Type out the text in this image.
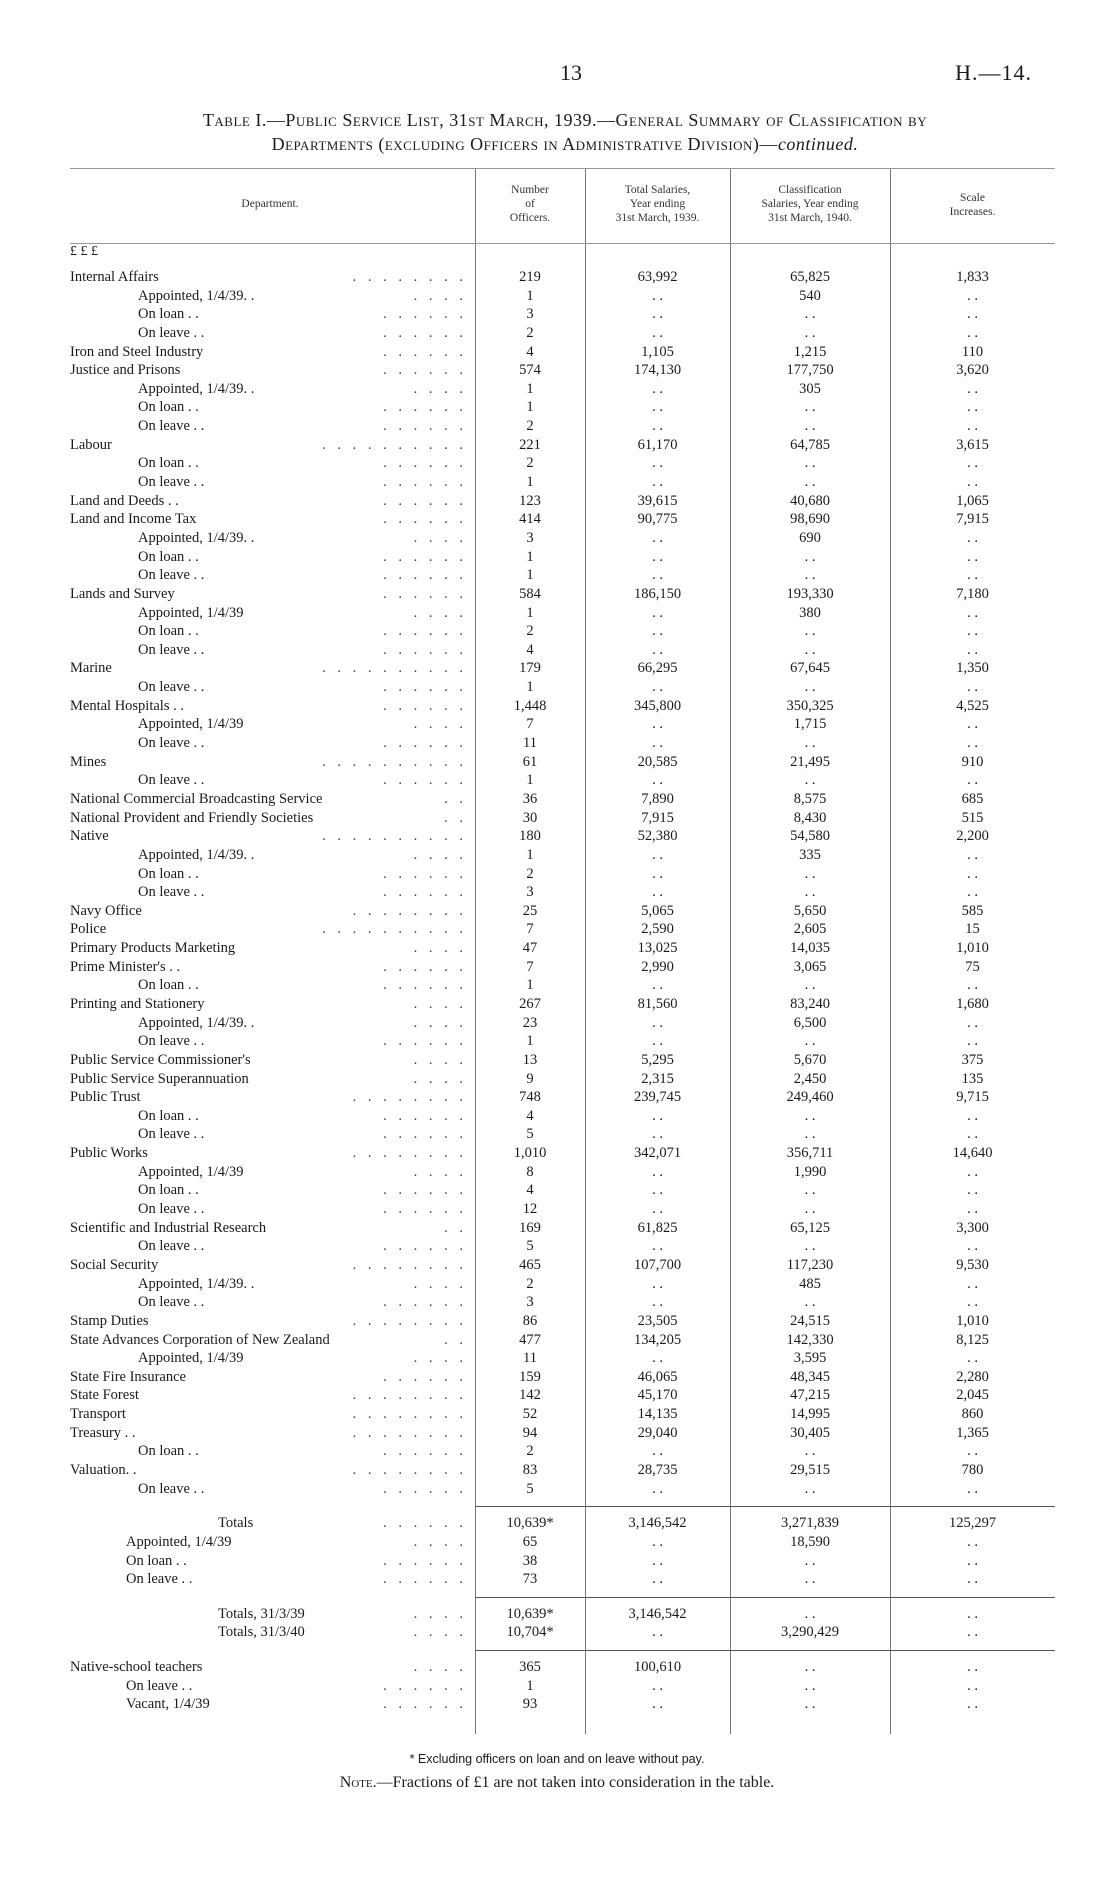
13	H.—14.
Table I.—Public Service List, 31st March, 1939.—General Summary of Classification by
Departments (excluding Officers in Administrative Division)—continued.
Department.
Number
of
Officers.
Total Salaries,
Year ending
31st March, 1939.
Classification
Salaries, Year ending
31st March, 1940.
Scale
Increases.
£ £ £
Internal Affairs	. . . . . . . .	219	63,992	65,825	1,833
Appointed, 1/4/39. .	. . . .	1	. .	540	. .
On loan . .	. . . . . .	3	. .	. .	. .
On leave . .	. . . . . .	2	. .	. .	. .
Iron and Steel Industry	. . . . . .	4	1,105	1,215	110
Justice and Prisons	. . . . . .	574	174,130	177,750	3,620
Appointed, 1/4/39. .	. . . .	1	. .	305	. .
On loan . .	. . . . . .	1	. .	. .	. .
On leave . .	. . . . . .	2	. .	. .	. .
Labour	. . . . . . . . . .	221	61,170	64,785	3,615
On loan . .	. . . . . .	2	. .	. .	. .
On leave . .	. . . . . .	1	. .	. .	. .
Land and Deeds . .	. . . . . .	123	39,615	40,680	1,065
Land and Income Tax	. . . . . .	414	90,775	98,690	7,915
Appointed, 1/4/39. .	. . . .	3	. .	690	. .
On loan . .	. . . . . .	1	. .	. .	. .
On leave . .	. . . . . .	1	. .	. .	. .
Lands and Survey	. . . . . .	584	186,150	193,330	7,180
Appointed, 1/4/39	. . . .	1	. .	380	. .
On loan . .	. . . . . .	2	. .	. .	. .
On leave . .	. . . . . .	4	. .	. .	. .
Marine	. . . . . . . . . .	179	66,295	67,645	1,350
On leave . .	. . . . . .	1	. .	. .	. .
Mental Hospitals . .	. . . . . .	1,448	345,800	350,325	4,525
Appointed, 1/4/39	. . . .	7	. .	1,715	. .
On leave . .	. . . . . .	11	. .	. .	. .
Mines	. . . . . . . . . .	61	20,585	21,495	910
On leave . .	. . . . . .	1	. .	. .	. .
National Commercial Broadcasting Service	. .	36	7,890	8,575	685
National Provident and Friendly Societies	. .	30	7,915	8,430	515
Native	. . . . . . . . . .	180	52,380	54,580	2,200
Appointed, 1/4/39. .	. . . .	1	. .	335	. .
On loan . .	. . . . . .	2	. .	. .	. .
On leave . .	. . . . . .	3	. .	. .	. .
Navy Office	. . . . . . . .	25	5,065	5,650	585
Police	. . . . . . . . . .	7	2,590	2,605	15
Primary Products Marketing	. . . .	47	13,025	14,035	1,010
Prime Minister's . .	. . . . . .	7	2,990	3,065	75
On loan . .	. . . . . .	1	. .	. .	. .
Printing and Stationery	. . . .	267	81,560	83,240	1,680
Appointed, 1/4/39. .	. . . .	23	. .	6,500	. .
On leave . .	. . . . . .	1	. .	. .	. .
Public Service Commissioner's	. . . .	13	5,295	5,670	375
Public Service Superannuation	. . . .	9	2,315	2,450	135
Public Trust	. . . . . . . .	748	239,745	249,460	9,715
On loan . .	. . . . . .	4	. .	. .	. .
On leave . .	. . . . . .	5	. .	. .	. .
Public Works	. . . . . . . .	1,010	342,071	356,711	14,640
Appointed, 1/4/39	. . . .	8	. .	1,990	. .
On loan . .	. . . . . .	4	. .	. .	. .
On leave . .	. . . . . .	12	. .	. .	. .
Scientific and Industrial Research	. .	169	61,825	65,125	3,300
On leave . .	. . . . . .	5	. .	. .	. .
Social Security	. . . . . . . .	465	107,700	117,230	9,530
Appointed, 1/4/39. .	. . . .	2	. .	485	. .
On leave . .	. . . . . .	3	. .	. .	. .
Stamp Duties	. . . . . . . .	86	23,505	24,515	1,010
State Advances Corporation of New Zealand	. .	477	134,205	142,330	8,125
Appointed, 1/4/39	. . . .	11	. .	3,595	. .
State Fire Insurance	. . . . . .	159	46,065	48,345	2,280
State Forest	. . . . . . . .	142	45,170	47,215	2,045
Transport	. . . . . . . .	52	14,135	14,995	860
Treasury . .	. . . . . . . .	94	29,040	30,405	1,365
On loan . .	. . . . . .	2	. .	. .	. .
Valuation. .	. . . . . . . .	83	28,735	29,515	780
On leave . .	. . . . . .	5	. .	. .	. .
Totals	. . . . . .	10,639*	3,146,542	3,271,839	125,297
Appointed, 1/4/39	. . . .	65	. .	18,590	. .
On loan . .	. . . . . .	38	. .	. .	. .
On leave . .	. . . . . .	73	. .	. .	. .
Totals, 31/3/39	. . . .	10,639*	3,146,542	. .	. .
Totals, 31/3/40	. . . .	10,704*	. .	3,290,429	. .
Native-school teachers	. . . .	365	100,610	. .	. .
On leave . .	. . . . . .	1	. .	. .	. .
Vacant, 1/4/39	. . . . . .	93	. .	. .	. .
* Excluding officers on loan and on leave without pay.
Note.—Fractions of £1 are not taken into consideration in the table.
